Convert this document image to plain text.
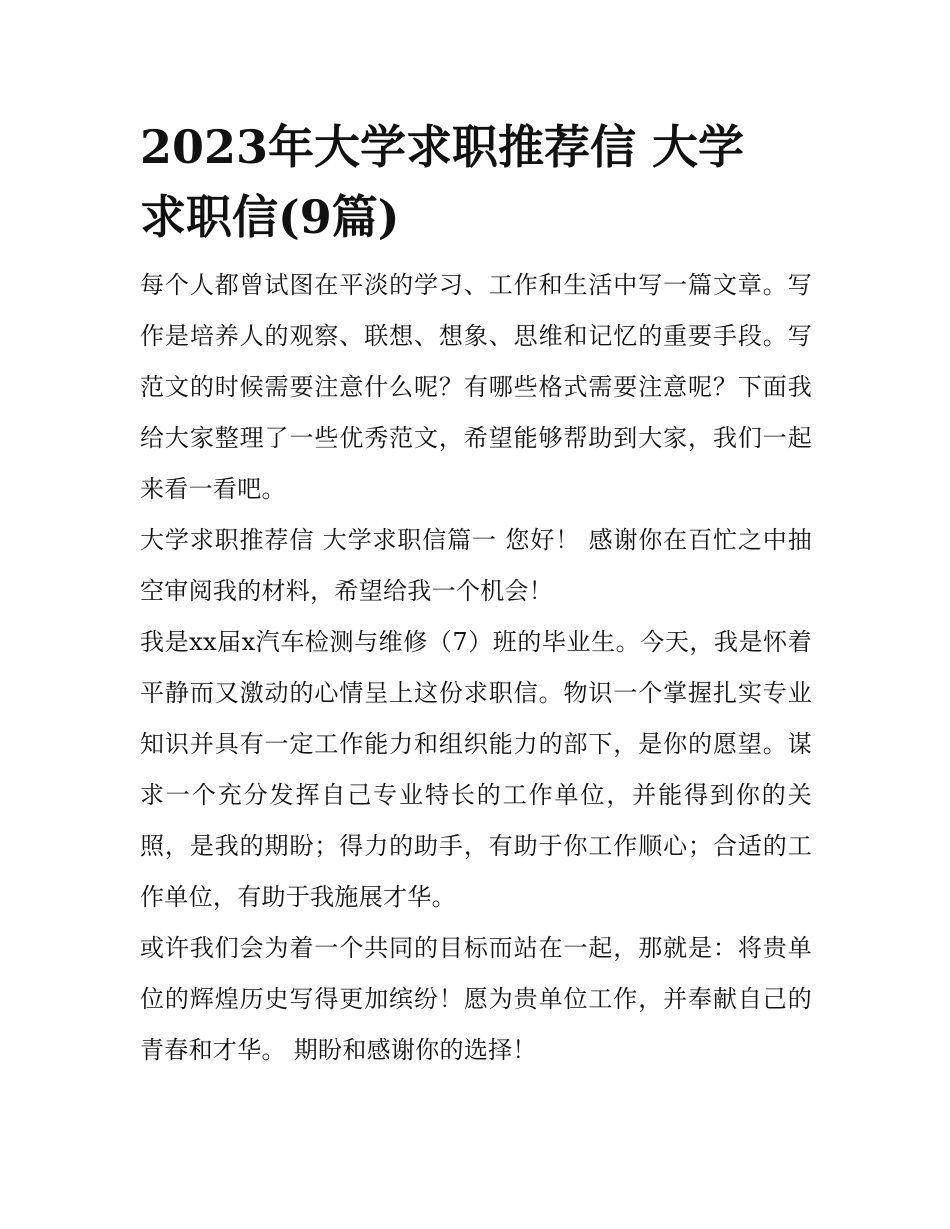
2023年大学求职推荐信 大学
求职信(9篇)

每个人都曾试图在平淡的学习、工作和生活中写一篇文章。写作是培养人的观察、联想、想象、思维和记忆的重要手段。写范文的时候需要注意什么呢？有哪些格式需要注意呢？下面我给大家整理了一些优秀范文，希望能够帮助到大家，我们一起来看一看吧。

大学求职推荐信 大学求职信篇一 您好！ 感谢你在百忙之中抽空审阅我的材料，希望给我一个机会！

我是xx届x汽车检测与维修（7）班的毕业生。今天，我是怀着平静而又激动的心情呈上这份求职信。物识一个掌握扎实专业知识并具有一定工作能力和组织能力的部下，是你的愿望。谋求一个充分发挥自己专业特长的工作单位，并能得到你的关照，是我的期盼；得力的助手，有助于你工作顺心；合适的工作单位，有助于我施展才华。

或许我们会为着一个共同的目标而站在一起，那就是：将贵单位的辉煌历史写得更加缤纷！愿为贵单位工作，并奉献自己的青春和才华。 期盼和感谢你的选择！
